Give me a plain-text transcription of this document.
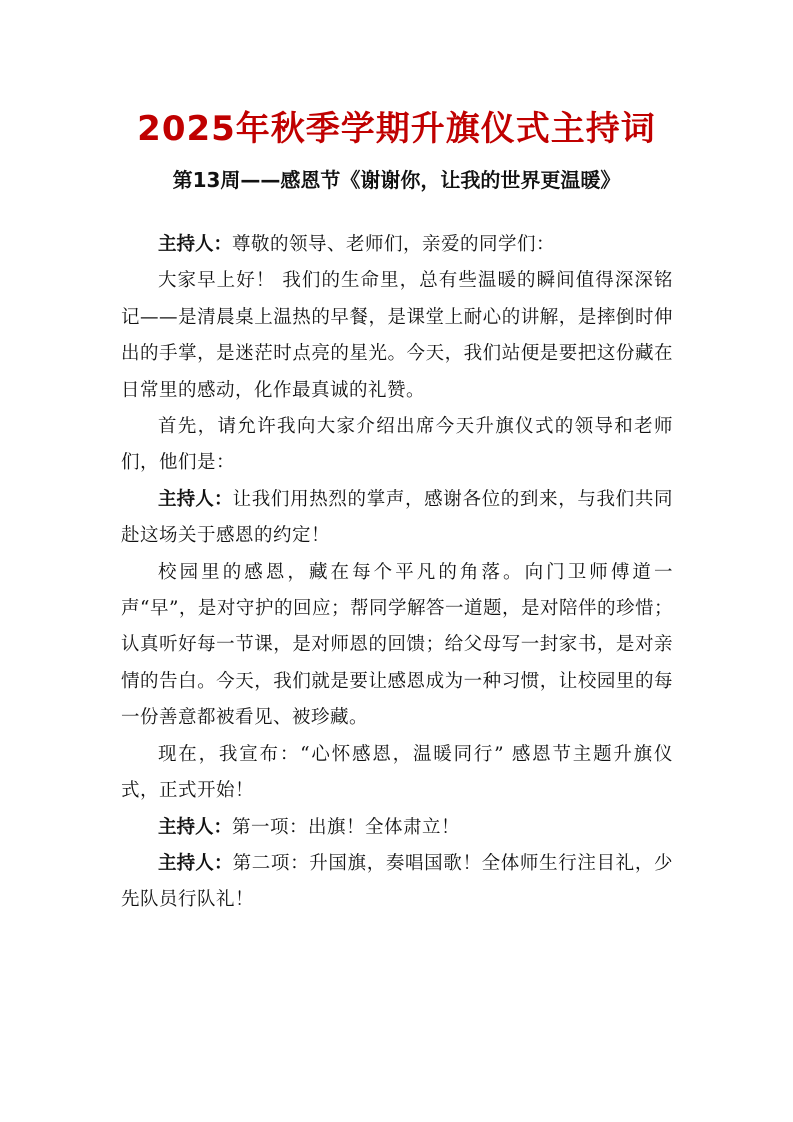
2025年秋季学期升旗仪式主持词
第13周——感恩节《谢谢你，让我的世界更温暖》

主持人：尊敬的领导、老师们，亲爱的同学们：

大家早上好！ 我们的生命里，总有些温暖的瞬间值得深深铭记——是清晨桌上温热的早餐，是课堂上耐心的讲解，是摔倒时伸出的手掌，是迷茫时点亮的星光。今天，我们站便是要把这份藏在日常里的感动，化作最真诚的礼赞。

首先，请允许我向大家介绍出席今天升旗仪式的领导和老师们，他们是：

主持人：让我们用热烈的掌声，感谢各位的到来，与我们共同赴这场关于感恩的约定！

校园里的感恩，藏在每个平凡的角落。向门卫师傅道一声“早”，是对守护的回应；帮同学解答一道题，是对陪伴的珍惜；认真听好每一节课，是对师恩的回馈；给父母写一封家书，是对亲情的告白。今天，我们就是要让感恩成为一种习惯，让校园里的每一份善意都被看见、被珍藏。

现在，我宣布：“心怀感恩，温暖同行” 感恩节主题升旗仪式，正式开始！

主持人：第一项：出旗！全体肃立！

主持人：第二项：升国旗，奏唱国歌！全体师生行注目礼，少先队员行队礼！
